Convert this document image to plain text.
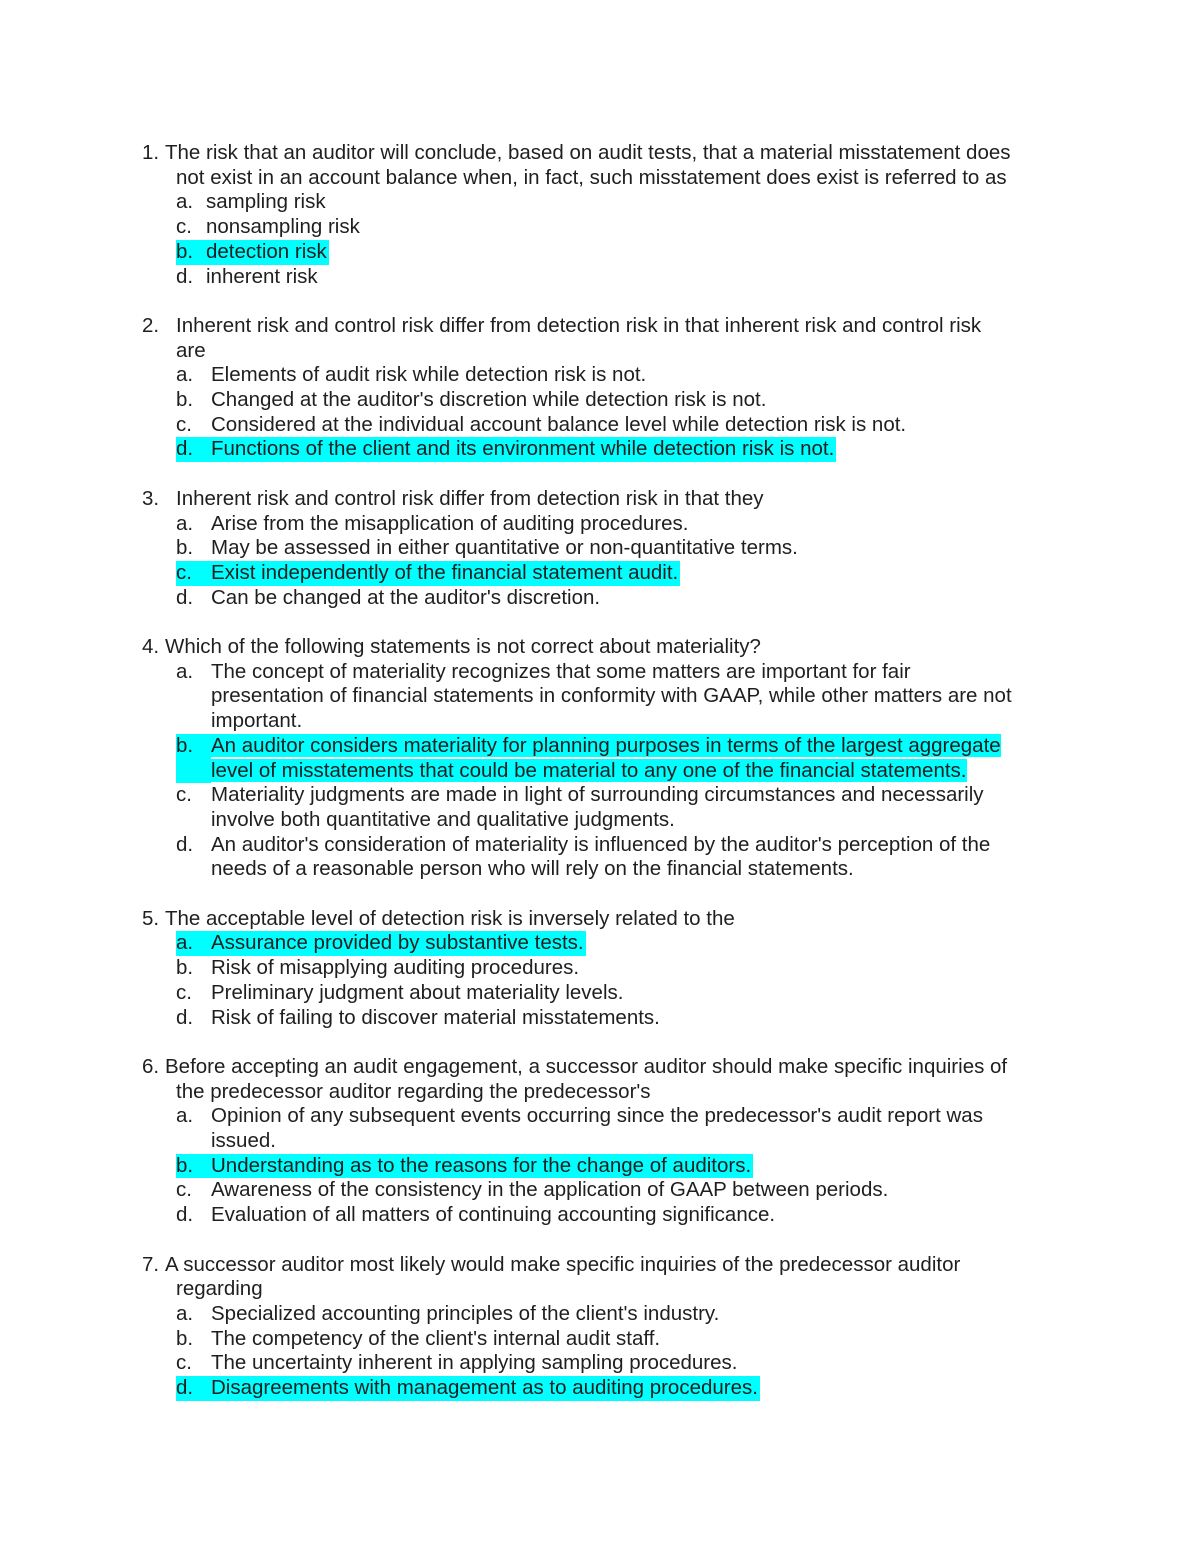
1. The risk that an auditor will conclude, based on audit tests, that a material misstatement does
not exist in an account balance when, in fact, such misstatement does exist is referred to as
a. sampling risk
c. nonsampling risk
b. detection risk
d. inherent risk
2. Inherent risk and control risk differ from detection risk in that inherent risk and control risk
are
a. Elements of audit risk while detection risk is not.
b. Changed at the auditor's discretion while detection risk is not.
c. Considered at the individual account balance level while detection risk is not.
d. Functions of the client and its environment while detection risk is not.
3. Inherent risk and control risk differ from detection risk in that they
a. Arise from the misapplication of auditing procedures.
b. May be assessed in either quantitative or non-quantitative terms.
c. Exist independently of the financial statement audit.
d. Can be changed at the auditor's discretion.
4. Which of the following statements is not correct about materiality?
a. The concept of materiality recognizes that some matters are important for fair
presentation of financial statements in conformity with GAAP, while other matters are not
important.
b. An auditor considers materiality for planning purposes in terms of the largest aggregate
level of misstatements that could be material to any one of the financial statements.
c. Materiality judgments are made in light of surrounding circumstances and necessarily
involve both quantitative and qualitative judgments.
d. An auditor's consideration of materiality is influenced by the auditor's perception of the
needs of a reasonable person who will rely on the financial statements.
5. The acceptable level of detection risk is inversely related to the
a. Assurance provided by substantive tests.
b. Risk of misapplying auditing procedures.
c. Preliminary judgment about materiality levels.
d. Risk of failing to discover material misstatements.
6. Before accepting an audit engagement, a successor auditor should make specific inquiries of
the predecessor auditor regarding the predecessor's
a. Opinion of any subsequent events occurring since the predecessor's audit report was
issued.
b. Understanding as to the reasons for the change of auditors.
c. Awareness of the consistency in the application of GAAP between periods.
d. Evaluation of all matters of continuing accounting significance.
7. A successor auditor most likely would make specific inquiries of the predecessor auditor
regarding
a. Specialized accounting principles of the client's industry.
b. The competency of the client's internal audit staff.
c. The uncertainty inherent in applying sampling procedures.
d. Disagreements with management as to auditing procedures.
